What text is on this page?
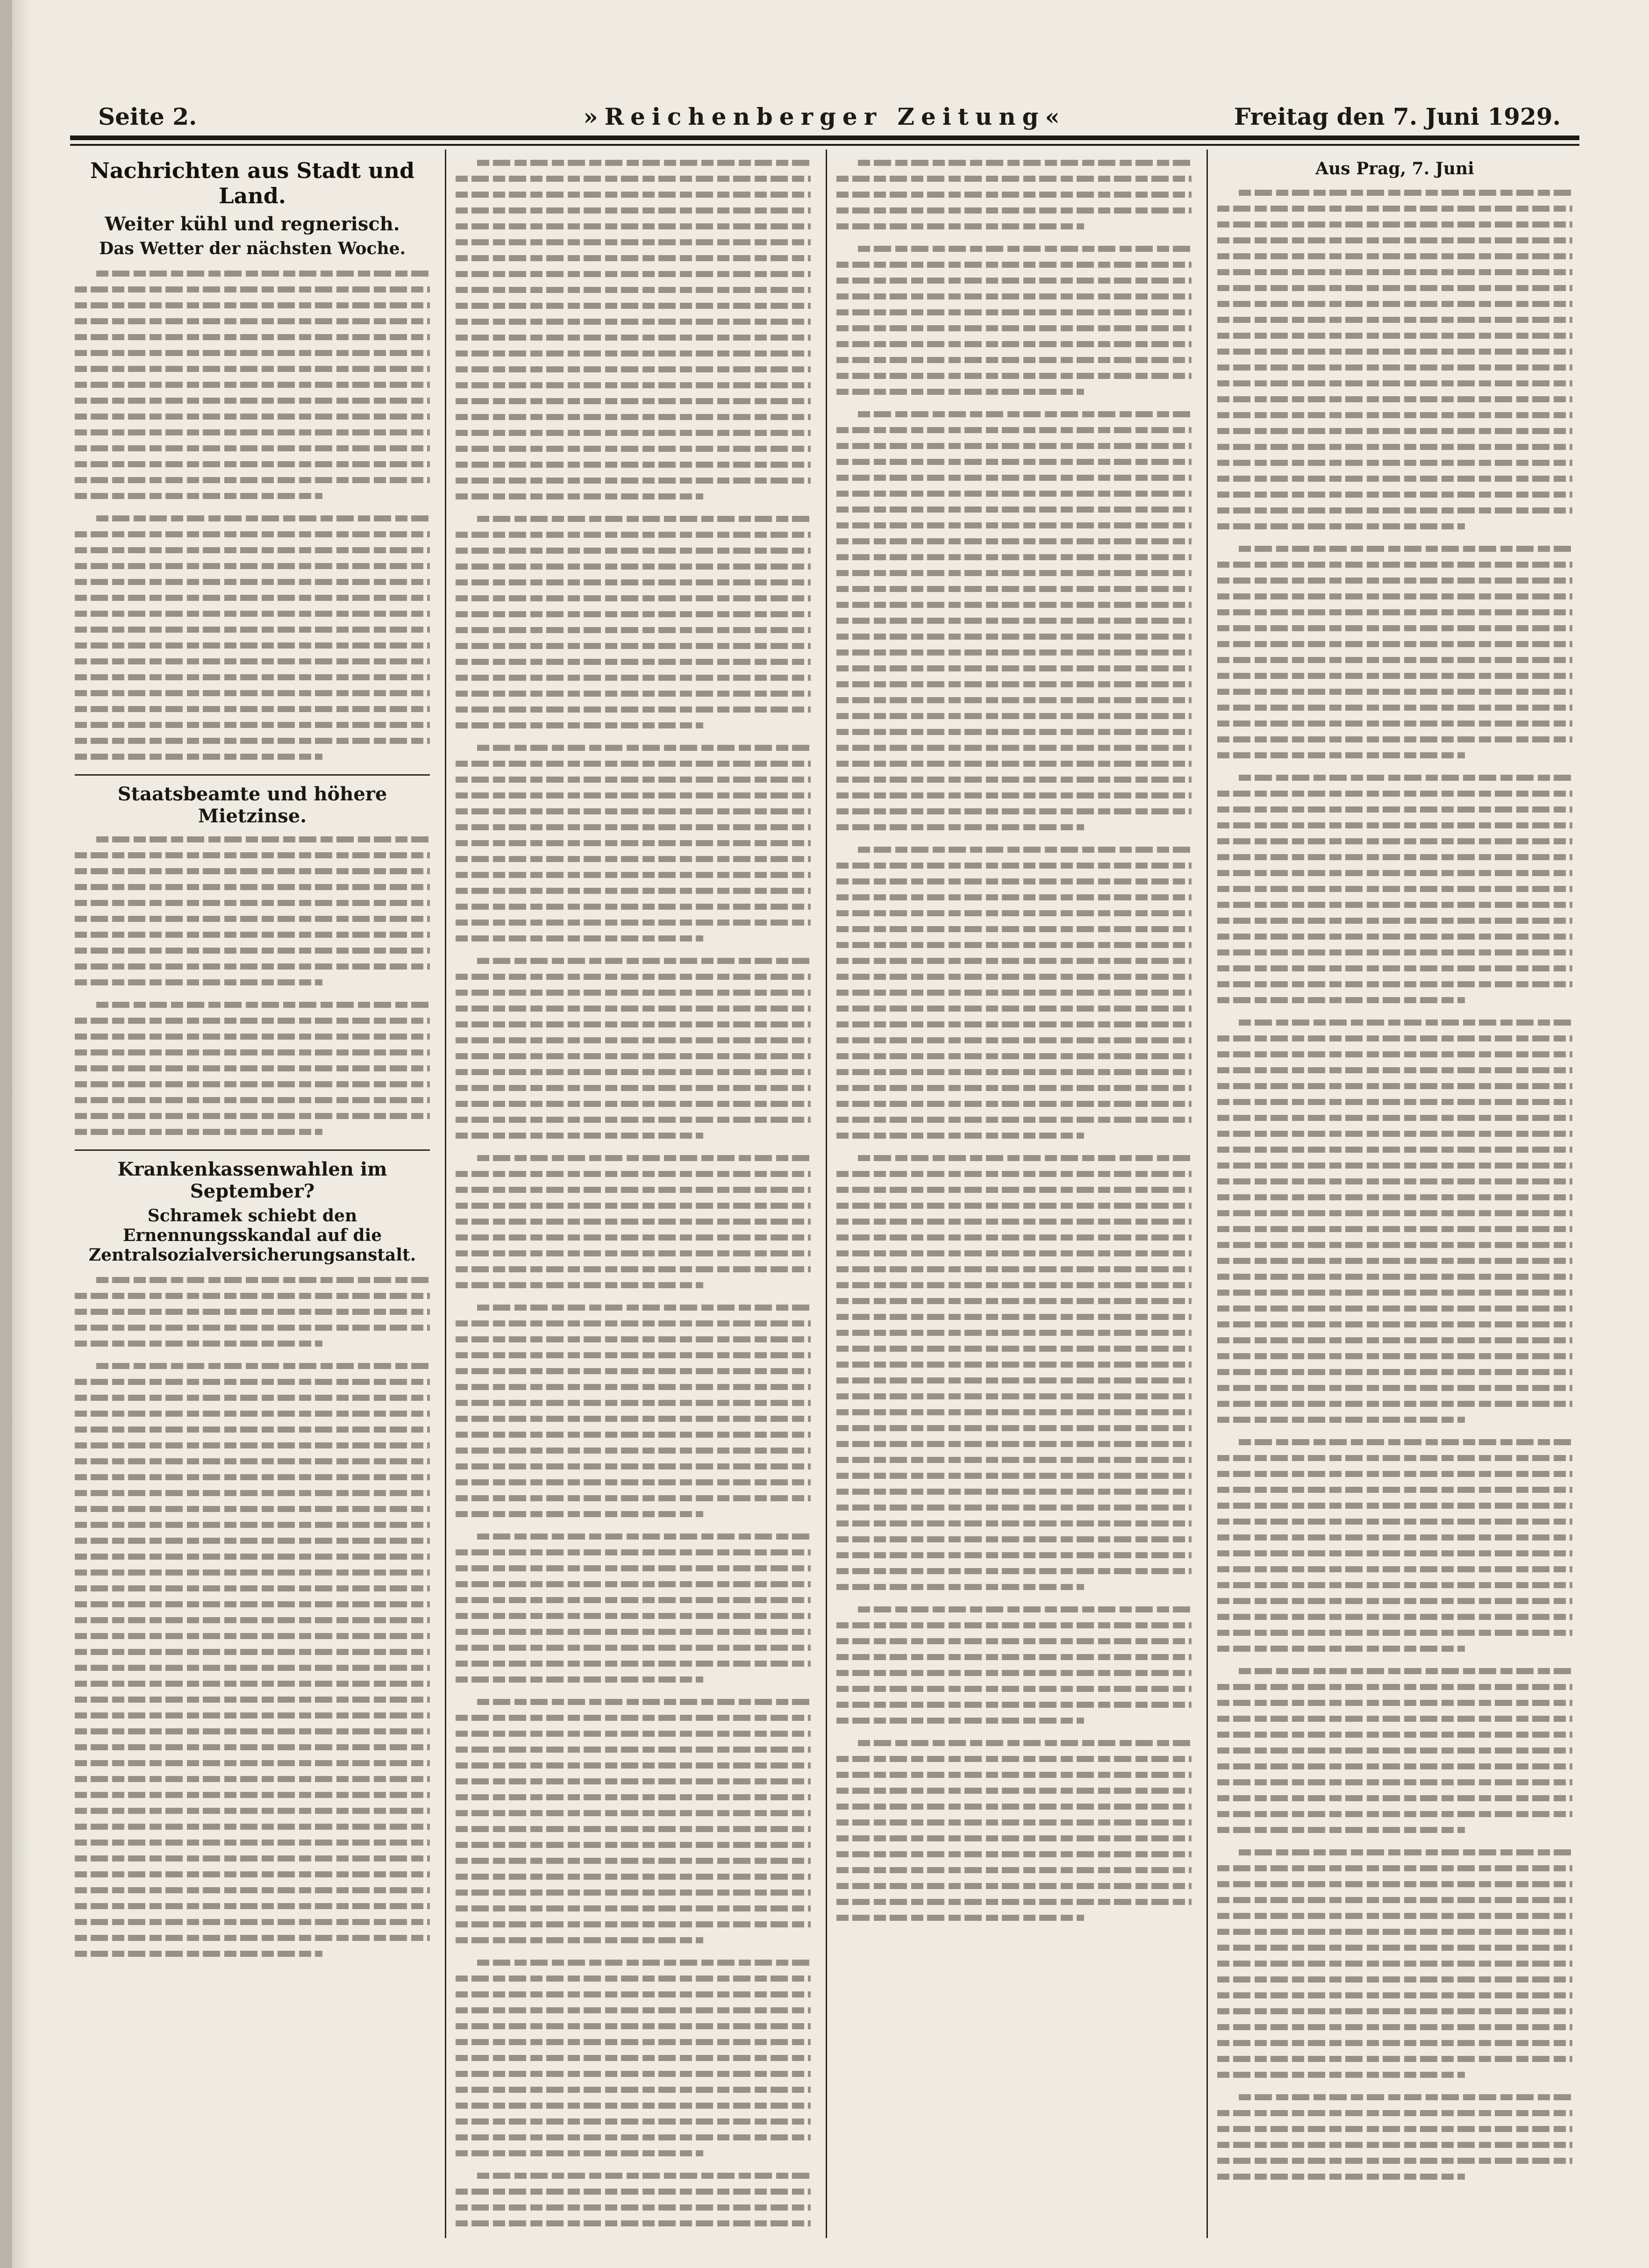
Seite 2.	»Reichenberger Zeitung«	Freitag den 7. Juni 1929.
Nachrichten aus Stadt und Land.
Weiter kühl und regnerisch.
Das Wetter der nächsten Woche.
Staatsbeamte und höhere Mietzinse.
Krankenkassenwahlen im September?
Schramek schiebt den Ernennungsskandal auf die Zentralsozialversicherungsanstalt.
Aus Prag, 7. Juni
